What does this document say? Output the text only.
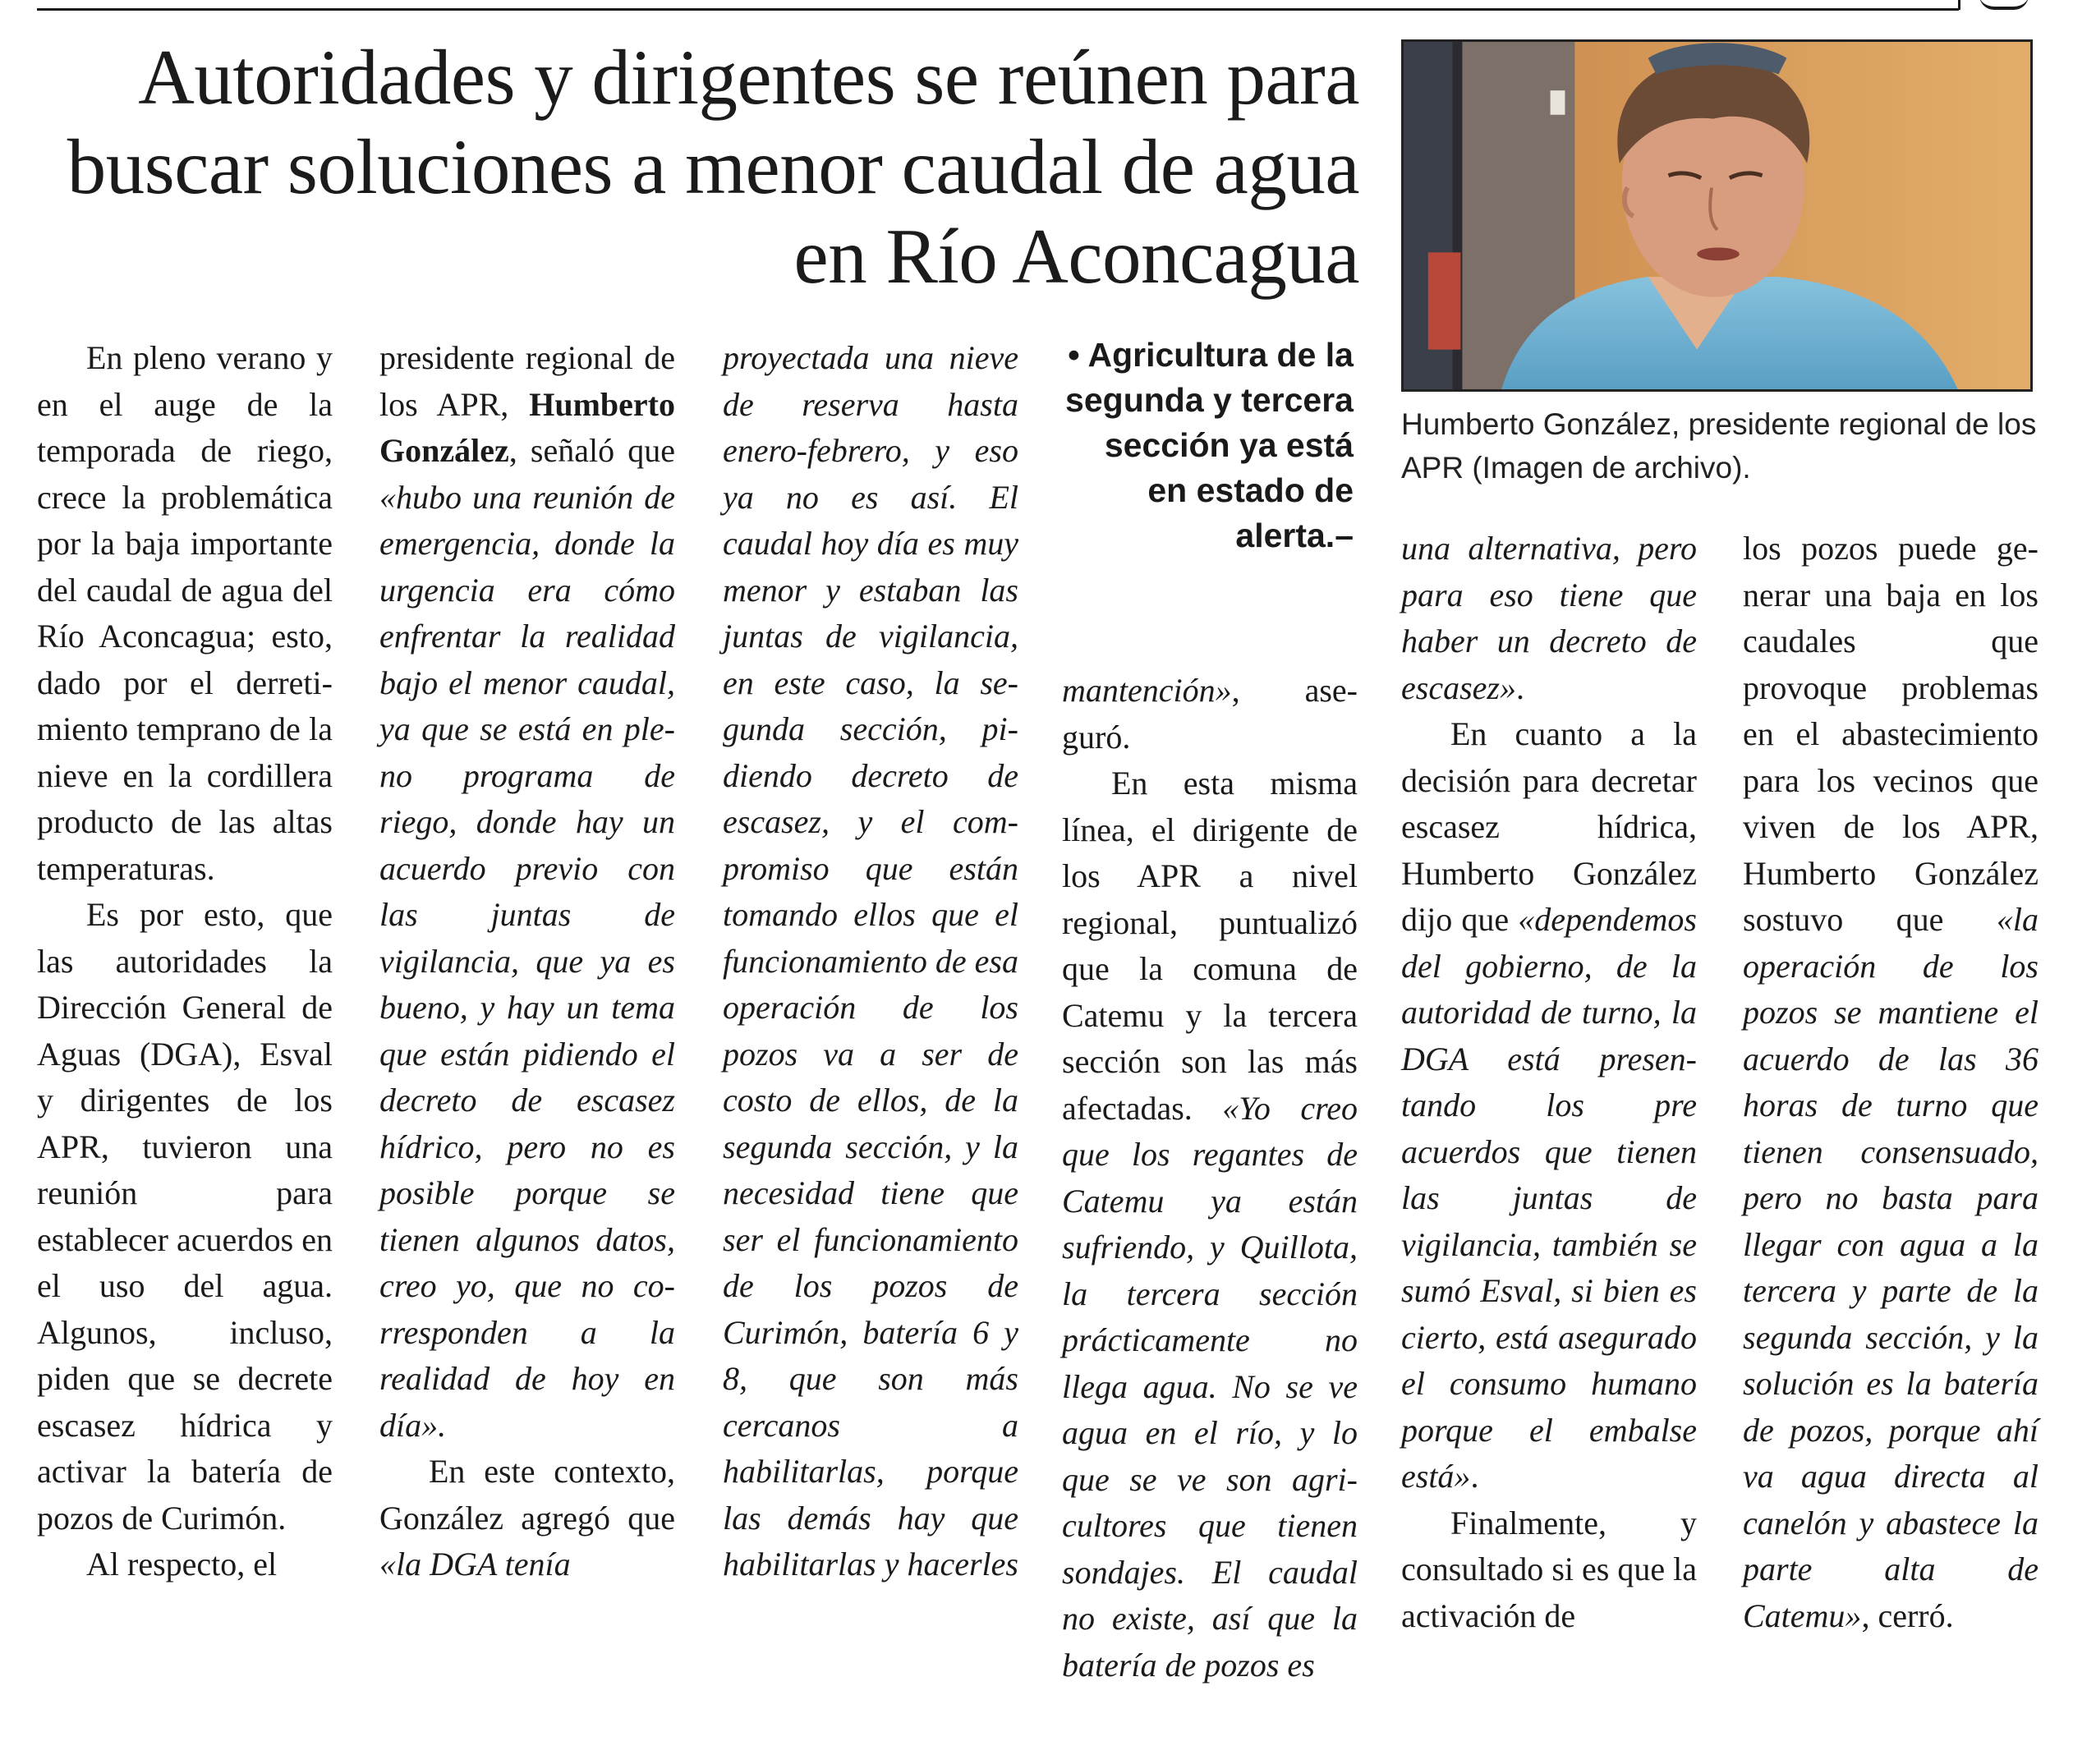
Autoridades y dirigentes se reúnen para buscar soluciones a menor caudal de agua en Río Aconcagua
Humberto González, presidente regional de los APR (Imagen de archivo).

• Agricultura de la segunda y tercera sección ya está en estado de alerta.–

En pleno verano y en el auge de la temporada de riego, crece la problemática por la baja importante del caudal de agua del Río Aconcagua; esto, dado por el derretimiento temprano de la nieve en la cordillera producto de las altas temperaturas.

Es por esto, que las autoridades la Dirección General de Aguas (DGA), Esval y dirigentes de los APR, tuvieron una reunión para establecer acuerdos en el uso del agua. Algunos, incluso, piden que se decrete escasez hídrica y activar la batería de pozos de Curimón.

Al respecto, el

presidente regional de los APR, Humberto González, señaló que «hubo una reunión de emergencia, donde la urgencia era cómo enfrentar la realidad bajo el menor caudal, ya que se está en pleno programa de riego, donde hay un acuerdo previo con las juntas de vigilancia, que ya es bueno, y hay un tema que están pidiendo el decreto de escasez hídrico, pero no es posible porque se tienen algunos datos, creo yo, que no corresponden a la realidad de hoy en día».

En este contexto, González agregó que «la DGA tenía

proyectada una nieve de reserva hasta enero-febrero, y eso ya no es así. El caudal hoy día es muy menor y estaban las juntas de vigilancia, en este caso, la segunda sección, pidiendo decreto de escasez, y el compromiso que están tomando ellos que el funcionamiento de esa operación de los pozos va a ser de costo de ellos, de la segunda sección, y la necesidad tiene que ser el funcionamiento de los pozos de Curimón, batería 6 y 8, que son más cercanos a habilitarlas, porque las demás hay que habilitarlas y hacerles

mantención», aseguró.

En esta misma línea, el dirigente de los APR a nivel regional, puntualizó que la comuna de Catemu y la tercera sección son las más afectadas. «Yo creo que los regantes de Catemu ya están sufriendo, y Quillota, la tercera sección prácticamente no llega agua. No se ve agua en el río, y lo que se ve son agricultores que tienen sondajes. El caudal no existe, así que la batería de pozos es

una alternativa, pero para eso tiene que haber un decreto de escasez».

En cuanto a la decisión para decretar escasez hídrica, Humberto González dijo que «dependemos del gobierno, de la autoridad de turno, la DGA está presentando los pre acuerdos que tienen las juntas de vigilancia, también se sumó Esval, si bien es cierto, está asegurado el consumo humano porque el embalse está».

Finalmente, y consultado si es que la activación de

los pozos puede generar una baja en los caudales que provoque problemas en el abastecimiento para los vecinos que viven de los APR, Humberto González sostuvo que «la operación de los pozos se mantiene el acuerdo de las 36 horas de turno que tienen consensuado, pero no basta para llegar con agua a la tercera y parte de la segunda sección, y la solución es la batería de pozos, porque ahí va agua directa al canelón y abastece la parte alta de Catemu», cerró.
